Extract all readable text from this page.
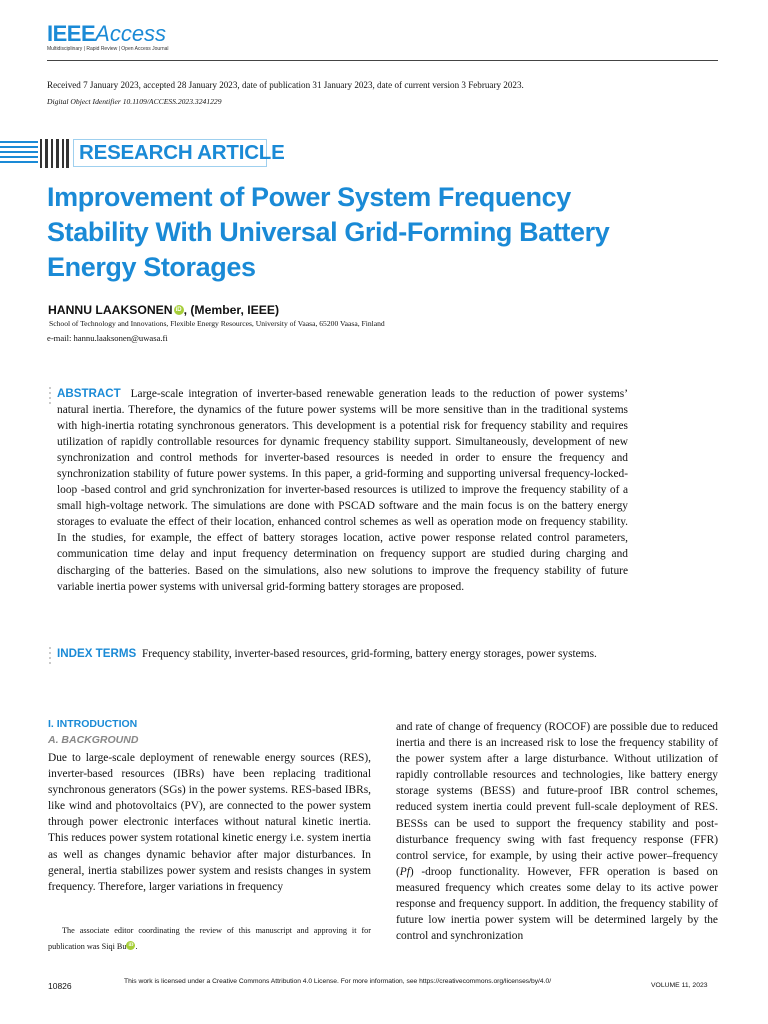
IEEEAccess
Multidisciplinary | Rapid Review | Open Access Journal
Received 7 January 2023, accepted 28 January 2023, date of publication 31 January 2023, date of current version 3 February 2023.
Digital Object Identifier 10.1109/ACCESS.2023.3241229
RESEARCH ARTICLE
Improvement of Power System Frequency Stability With Universal Grid-Forming Battery Energy Storages
HANNU LAAKSONEN iD , (Member, IEEE)
School of Technology and Innovations, Flexible Energy Resources, University of Vaasa, 65200 Vaasa, Finland
e-mail: hannu.laaksonen@uwasa.fi
ABSTRACT Large-scale integration of inverter-based renewable generation leads to the reduction of power systems’ natural inertia. Therefore, the dynamics of the future power systems will be more sensitive than in the traditional systems with high-inertia rotating synchronous generators. This development is a potential risk for frequency stability and requires utilization of rapidly controllable resources for dynamic frequency stability support. Simultaneously, development of new synchronization and control methods for inverter-based resources is needed in order to ensure the frequency and synchronization stability of future power systems. In this paper, a grid-forming and supporting universal frequency-locked-loop -based control and grid synchronization for inverter-based resources is utilized to improve the frequency stability of a small high-voltage network. The simulations are done with PSCAD software and the main focus is on the battery energy storages to evaluate the effect of their location, enhanced control schemes as well as operation mode on frequency stability. In the studies, for example, the effect of battery storages location, active power response related control parameters, communication time delay and input frequency determination on frequency support are studied during charging and discharging of the batteries. Based on the simulations, also new solutions to improve the frequency stability of future variable inertia power systems with universal grid-forming battery storages are proposed.
INDEX TERMS Frequency stability, inverter-based resources, grid-forming, battery energy storages, power systems.
I. INTRODUCTION
A. BACKGROUND
Due to large-scale deployment of renewable energy sources (RES), inverter-based resources (IBRs) have been replacing traditional synchronous generators (SGs) in the power systems. RES-based IBRs, like wind and photovoltaics (PV), are connected to the power system through power electronic interfaces without natural kinetic inertia. This reduces power system rotational kinetic energy i.e. system inertia as well as changes dynamic behavior after major disturbances. In general, inertia stabilizes power system and resists changes in system frequency. Therefore, larger variations in frequency
and rate of change of frequency (ROCOF) are possible due to reduced inertia and there is an increased risk to lose the frequency stability of the power system after a large disturbance. Without utilization of rapidly controllable resources and technologies, like battery energy storage systems (BESS) and future-proof IBR control schemes, reduced system inertia could prevent full-scale deployment of RES. BESSs can be used to support the frequency stability and post-disturbance frequency swing with fast frequency response (FFR) control service, for example, by using their active power–frequency (Pf) -droop functionality. However, FFR operation is based on measured frequency which creates some delay to its active power response and frequency support. In addition, the frequency stability of future low inertia power system will be determined largely by the control and synchronization
The associate editor coordinating the review of this manuscript and approving it for publication was Siqi Bu iD .
10826	This work is licensed under a Creative Commons Attribution 4.0 License. For more information, see https://creativecommons.org/licenses/by/4.0/
VOLUME 11, 2023
